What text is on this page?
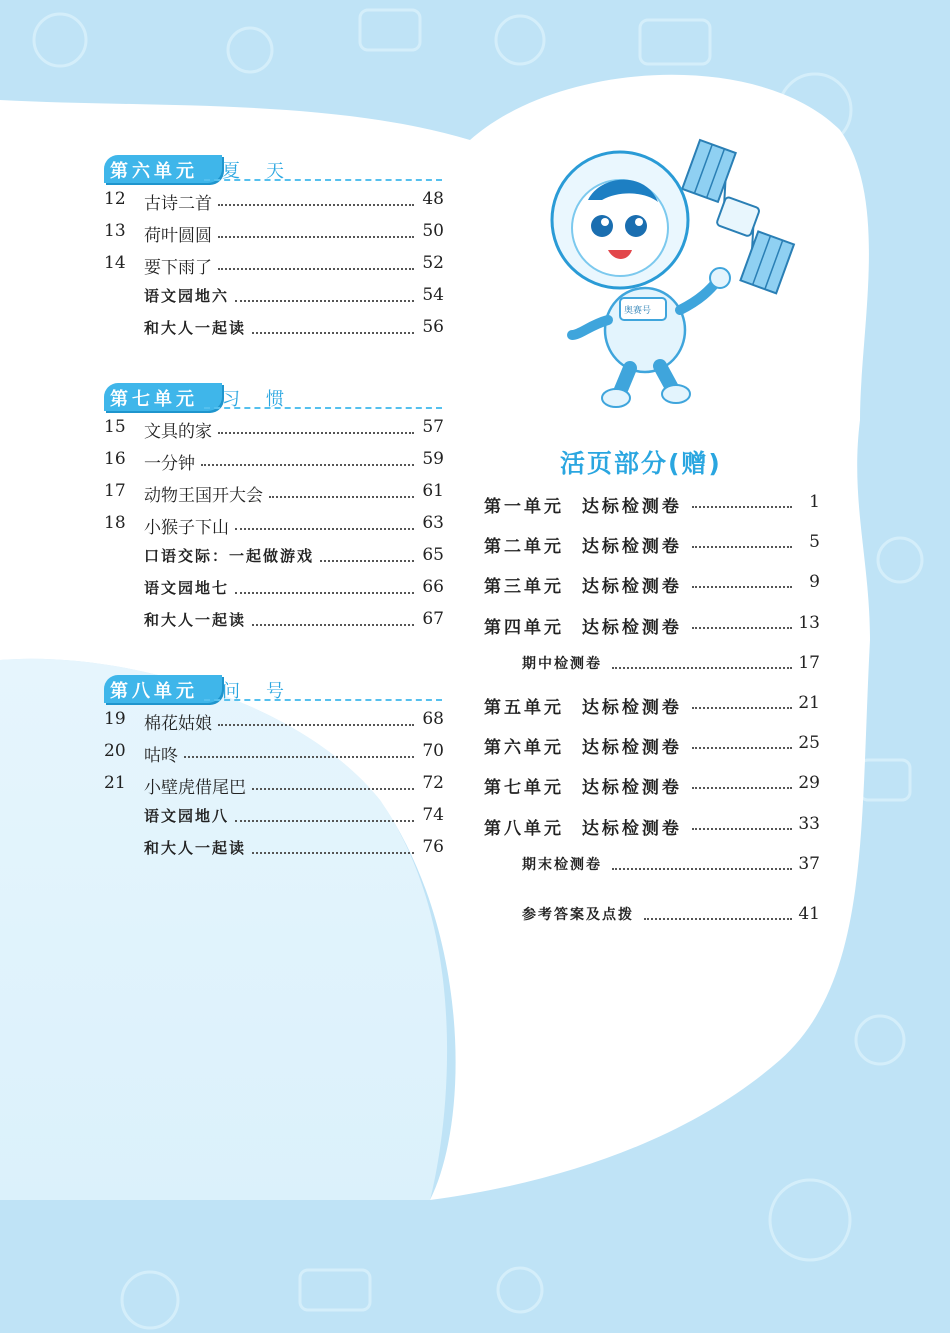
第六单元 夏天
12	古诗二首	48
13	荷叶圆圆	50
14	要下雨了	52
语文园地六	54
和大人一起读	56
第七单元 习惯
15	文具的家	57
16	一分钟	59
17	动物王国开大会	61
18	小猴子下山	63
口语交际：一起做游戏	65
语文园地七	66
和大人一起读	67
第八单元 问号
19	棉花姑娘	68
20	咕咚	70
21	小壁虎借尾巴	72
语文园地八	74
和大人一起读	76
奥赛号
活页部分(赠)
第一单元  达标检测卷	1
第二单元  达标检测卷	5
第三单元  达标检测卷	9
第四单元  达标检测卷	13
期中检测卷	17
第五单元  达标检测卷	21
第六单元  达标检测卷	25
第七单元  达标检测卷	29
第八单元  达标检测卷	33
期末检测卷	37
参考答案及点拨	41
